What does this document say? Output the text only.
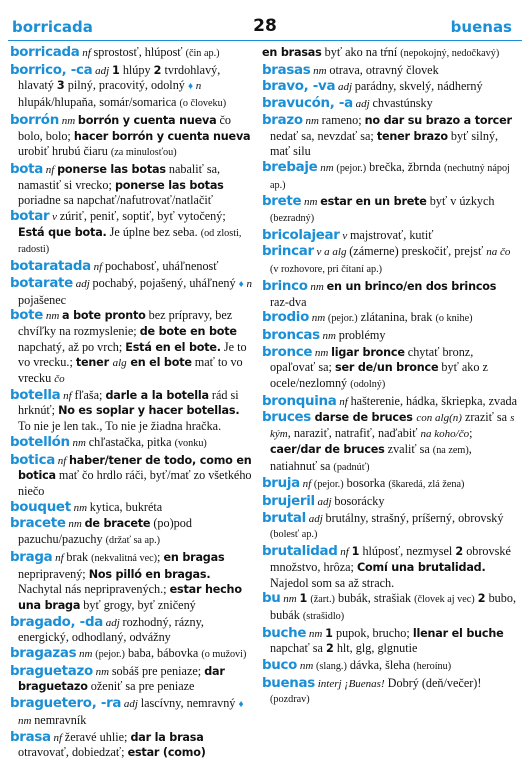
borricada	28	buenas

borricada nf sprostosť, hlúposť (čin ap.)

borrico, -ca adj 1 hlúpy 2 tvrdohlavý, hlavatý 3 pilný, pracovitý, odolný ♦ n hlupák/hlupaňa, somár/somarica (o človeku)

borrón nm borrón y cuenta nueva čo bolo, bolo; hacer borrón y cuenta nueva urobiť hrubú čiaru (za minulosťou)

bota nf ponerse las botas nabaliť sa, namastiť si vrecko; ponerse las botas poriadne sa napchať/nafutrovať/natlačiť

botar v zúriť, peniť, soptiť, byť vytočený; Está que bota. Je úplne bez seba. (od zlosti, radosti)

botaratada nf pochabosť, uháľnenosť

botarate adj pochabý, pojašený, uháľnený ♦ n pojašenec

bote nm a bote pronto bez prípravy, bez chvíľky na rozmyslenie; de bote en bote napchatý, až po vrch; Está en el bote. Je to vo vrecku.; tener alg en el bote mať to vo vrecku čo

botella nf fľaša; darle a la botella rád si hrknúť; No es soplar y hacer botellas. To nie je len tak., To nie je žiadna hračka.

botellón nm chľastačka, pitka (vonku)

botica nf haber/tener de todo, como en botica mať čo hrdlo ráči, byť/mať zo všetkého niečo

bouquet nm kytica, bukréta

bracete nm de bracete (po)pod pazuchu/pazuchy (držať sa ap.)

braga nf brak (nekvalitná vec); en bragas nepripravený; Nos pilló en bragas. Nachytal nás nepripravených.; estar hecho una braga byť grogy, byť zničený

bragado, -da adj rozhodný, rázny, energický, odhodlaný, odvážny

bragazas nm (pejor.) baba, bábovka (o mužovi)

braguetazo nm sobáš pre peniaze; dar braguetazo oženiť sa pre peniaze

braguetero, -ra adj lascívny, nemravný ♦ nm nemravník

brasa nf žeravé uhlie; dar la brasa otravovať, dobiedzať; estar (como)

en brasas byť ako na tŕní (nepokojný, nedočkavý)

brasas nm otrava, otravný človek

bravo, -va adj parádny, skvelý, nádherný

bravucón, -a adj chvastúnsky

brazo nm rameno; no dar su brazo a torcer nedať sa, nevzdať sa; tener brazo byť silný, mať silu

brebaje nm (pejor.) brečka, žbrnda (nechutný nápoj ap.)

brete nm estar en un brete byť v úzkych (bezradný)

bricolajear v majstrovať, kutiť

brincar v a alg (zámerne) preskočiť, prejsť na čo (v rozhovore, pri čítaní ap.)

brinco nm en un brinco/en dos brincos raz-dva

brodio nm (pejor.) zlátanina, brak (o knihe)

broncas nm problémy

bronce nm ligar bronce chytať bronz, opaľovať sa; ser de/un bronce byť ako z ocele/nezlomný (odolný)

bronquina nf hašterenie, hádka, škriepka, zvada

bruces darse de bruces con alg(n) zraziť sa s kým, naraziť, natrafiť, naďabiť na koho/čo; caer/dar de bruces zvaliť sa (na zem), natiahnuť sa (padnúť)

bruja nf (pejor.) bosorka (škaredá, zlá žena)

brujeril adj bosorácky

brutal adj brutálny, strašný, príšerný, obrovský (bolesť ap.)

brutalidad nf 1 hlúposť, nezmysel 2 obrovské množstvo, hrôza; Comí una brutalidad. Najedol som sa až strach.

bu nm 1 (žart.) bubák, strašiak (človek aj vec) 2 bubo, bubák (strašidlo)

buche nm 1 pupok, brucho; llenar el buche napchať sa 2 hlt, glg, glgnutie

buco nm (slang.) dávka, šleha (heroínu)

buenas interj ¡Buenas! Dobrý (deň/večer)! (pozdrav)
